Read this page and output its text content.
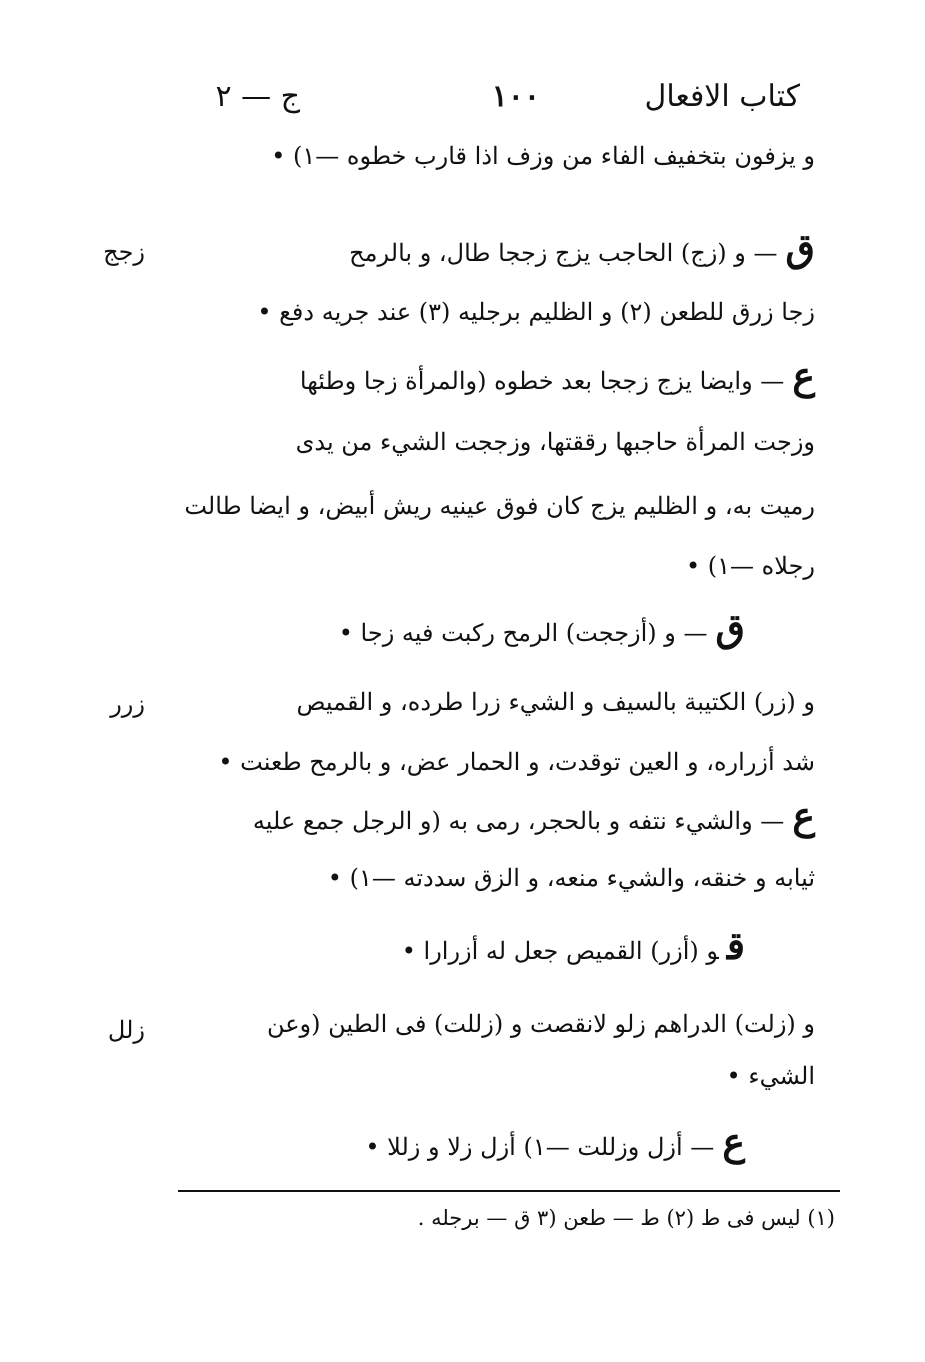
كتاب الافعال
١٠٠
ج — ٢
و يزفون بتخفيف الفاء من وزف اذا قارب خطوه —١) •
ق— و (زج) الحاجب يزج زججا طال، و بالرمح
زجج
زجا زرق للطعن (٢) و الظليم برجليه (٣) عند جريه دفع •
ع— وايضا يزج زججا بعد خطوه (والمرأة زجا وطئها
وزجت المرأة حاجبها رققتها، وزججت الشيء من يدى
رميت به، و الظليم يزج كان فوق عينيه ريش أبيض، و ايضا طالت
رجلاه —١) •
ق— و (أزججت) الرمح ركبت فيه زجا •
و (زر) الكتيبة بالسيف و الشيء زرا طرده، و القميص
زرر
شد أزراره، و العين توقدت، و الحمار عض، و بالرمح طعنت •
ع— والشيء نتفه و بالحجر، رمى به (و الرجل جمع عليه
ثيابه و خنقه، والشيء منعه، و الزق سددته —١) •
قو (أزر) القميص جعل له أزرارا •
و (زلت) الدراهم زلو لانقصت و (زللت) فى الطين (وعن
زلل
الشيء •
ع— أزل وزللت —١) أزل زلا و زللا •
(١) ليس فى ط (٢) ط — طعن (٣ ق — برجله .
